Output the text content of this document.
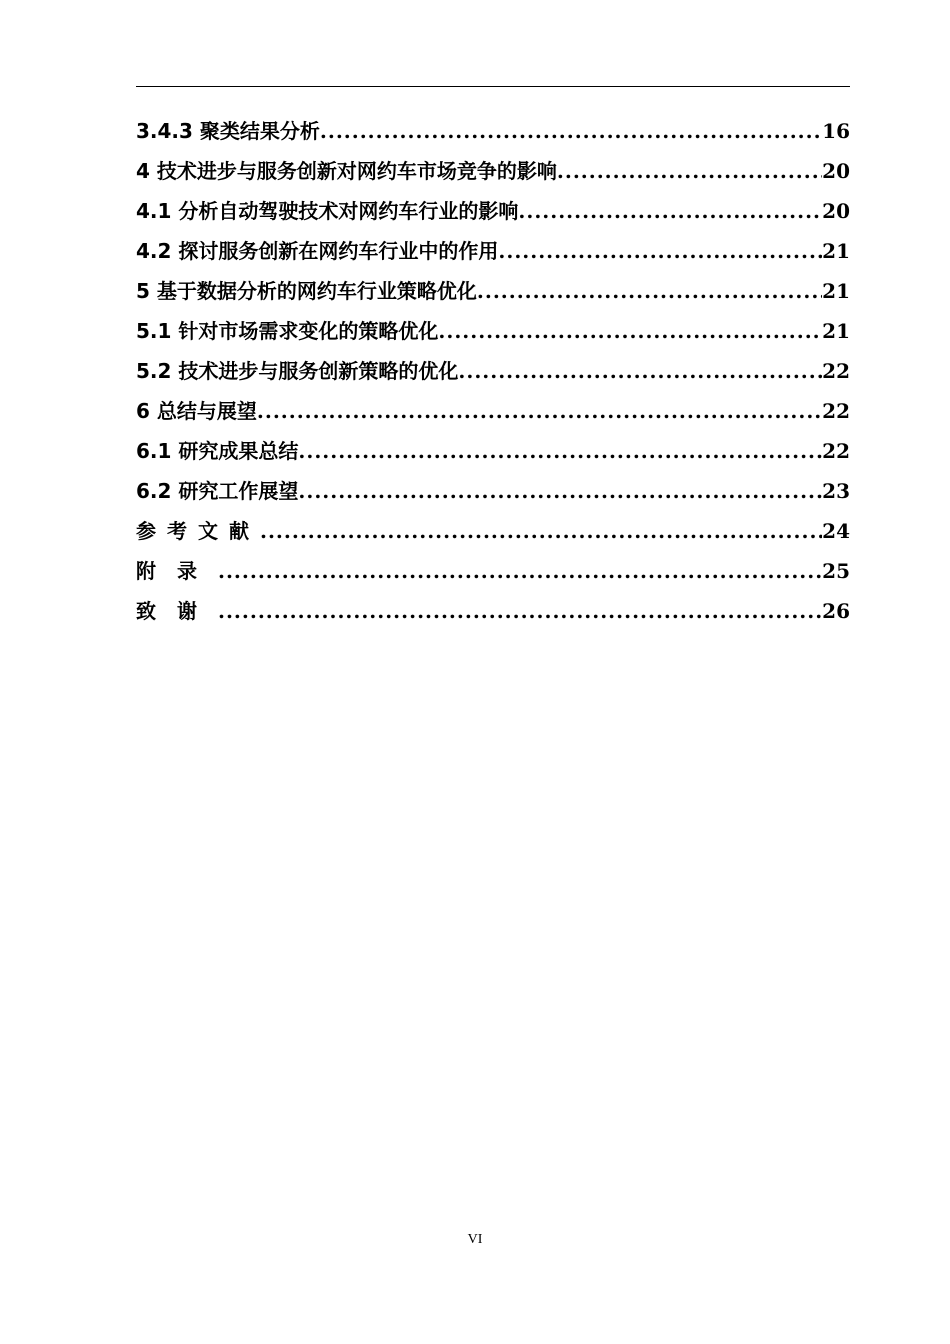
3.4.3 聚类结果分析 .....	16
4 技术进步与服务创新对网约车市场竞争的影响 .....	20
4.1 分析自动驾驶技术对网约车行业的影响 .....	20
4.2 探讨服务创新在网约车行业中的作用 .....	21
5 基于数据分析的网约车行业策略优化 .....	21
5.1 针对市场需求变化的策略优化 .....	21
5.2 技术进步与服务创新策略的优化 .....	22
6 总结与展望 .....	22
6.1 研究成果总结 .....	22
6.2 研究工作展望 .....	23
参考文献 .....	24
附录 .....	25
致谢 .....	26
VI
